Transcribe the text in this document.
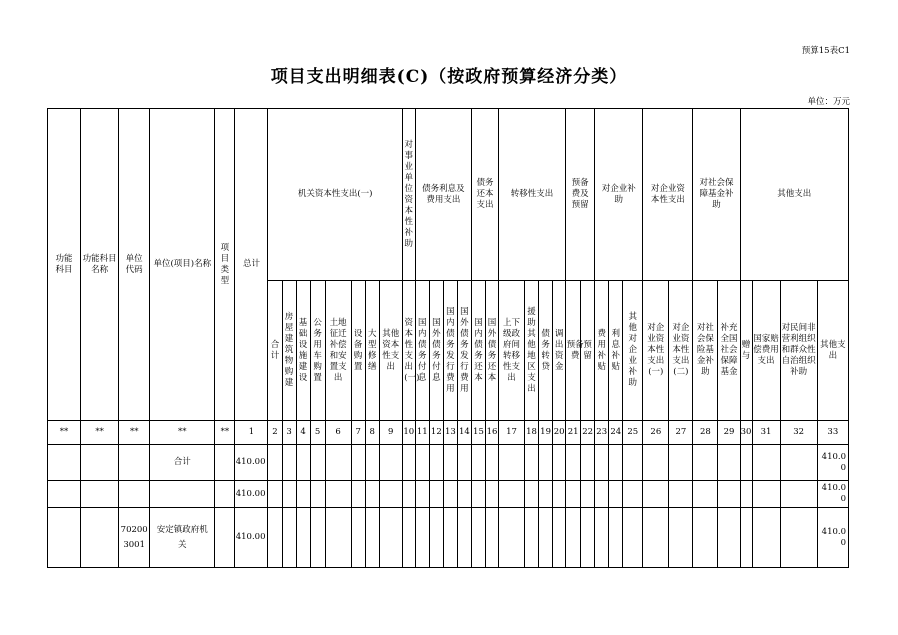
预算15表C1
项目支出明细表(C)（按政府预算经济分类）
单位：万元
功能科目	功能科目名称	单位代码	单位(项目)名称	项目类型	总计	机关资本性支出(一)								对事业单位资本性补助	债务利息及费用支出				债务还本支出		转移性支出				预备费及预留		对企业补助			对企业资本性支出		对社会保障基金补助		其他支出			

						合计	房屋建筑物购建	基础设施建设	公务用车购置	土地征迁补偿和安置支出	设备购置	大型修缮	其他资本性支出	资本性支出(一)	国内债务付息	国外债务付息	国内债务发行费用	国外债务发行费用	国内债务还本	国外债务还本	上下级政府间转移性支出	援助其他地区支出	债务转贷	调出资金	预备费	预留	费用补贴	利息补贴	其他对企业补助	对企业资本性支出(一)	对企业资本性支出(二)	对社会保险基金补助	补充全国社会保障基金	赠与	国家赔偿费用支出	对民间非营利组织和群众性自治组织补助	其他支出

**	**	**	**	**	1	2	3	4	5	6	7	8	9	10	11	12	13	14	15	16	17	18	19	20	21	22	23	24	25	26	27	28	29	30	31	32	33
			合计		410.00																																410.00
					410.00																																410.00

		702003001	安定镇政府机关		410.00																																410.00
